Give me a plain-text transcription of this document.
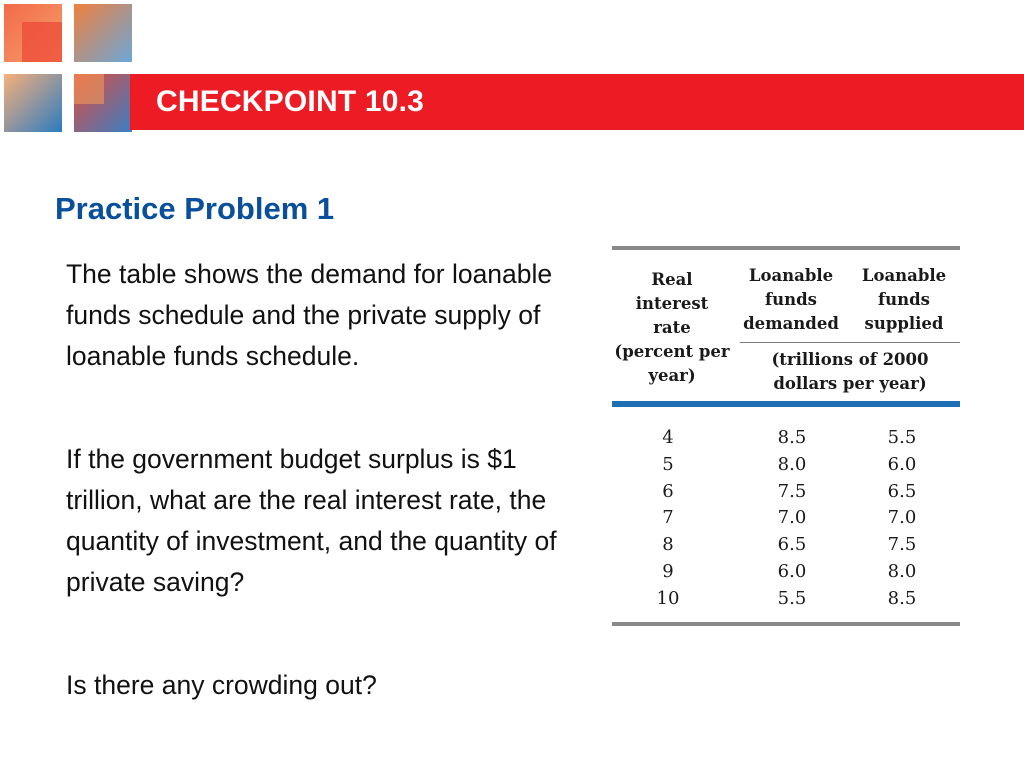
CHECKPOINT 10.3
Practice Problem 1

The table shows the demand for loanable funds schedule and the private supply of loanable funds schedule.

If the government budget surplus is $1 trillion, what are the real interest rate, the quantity of investment, and the quantity of private saving?

Is there any crowding out?

Real interest rate
(percent per year)
Loanable funds demanded
Loanable funds supplied
(trillions of 2000 dollars per year)
4	8.5	5.5
5	8.0	6.0
6	7.5	6.5
7	7.0	7.0
8	6.5	7.5
9	6.0	8.0
10	5.5	8.5
